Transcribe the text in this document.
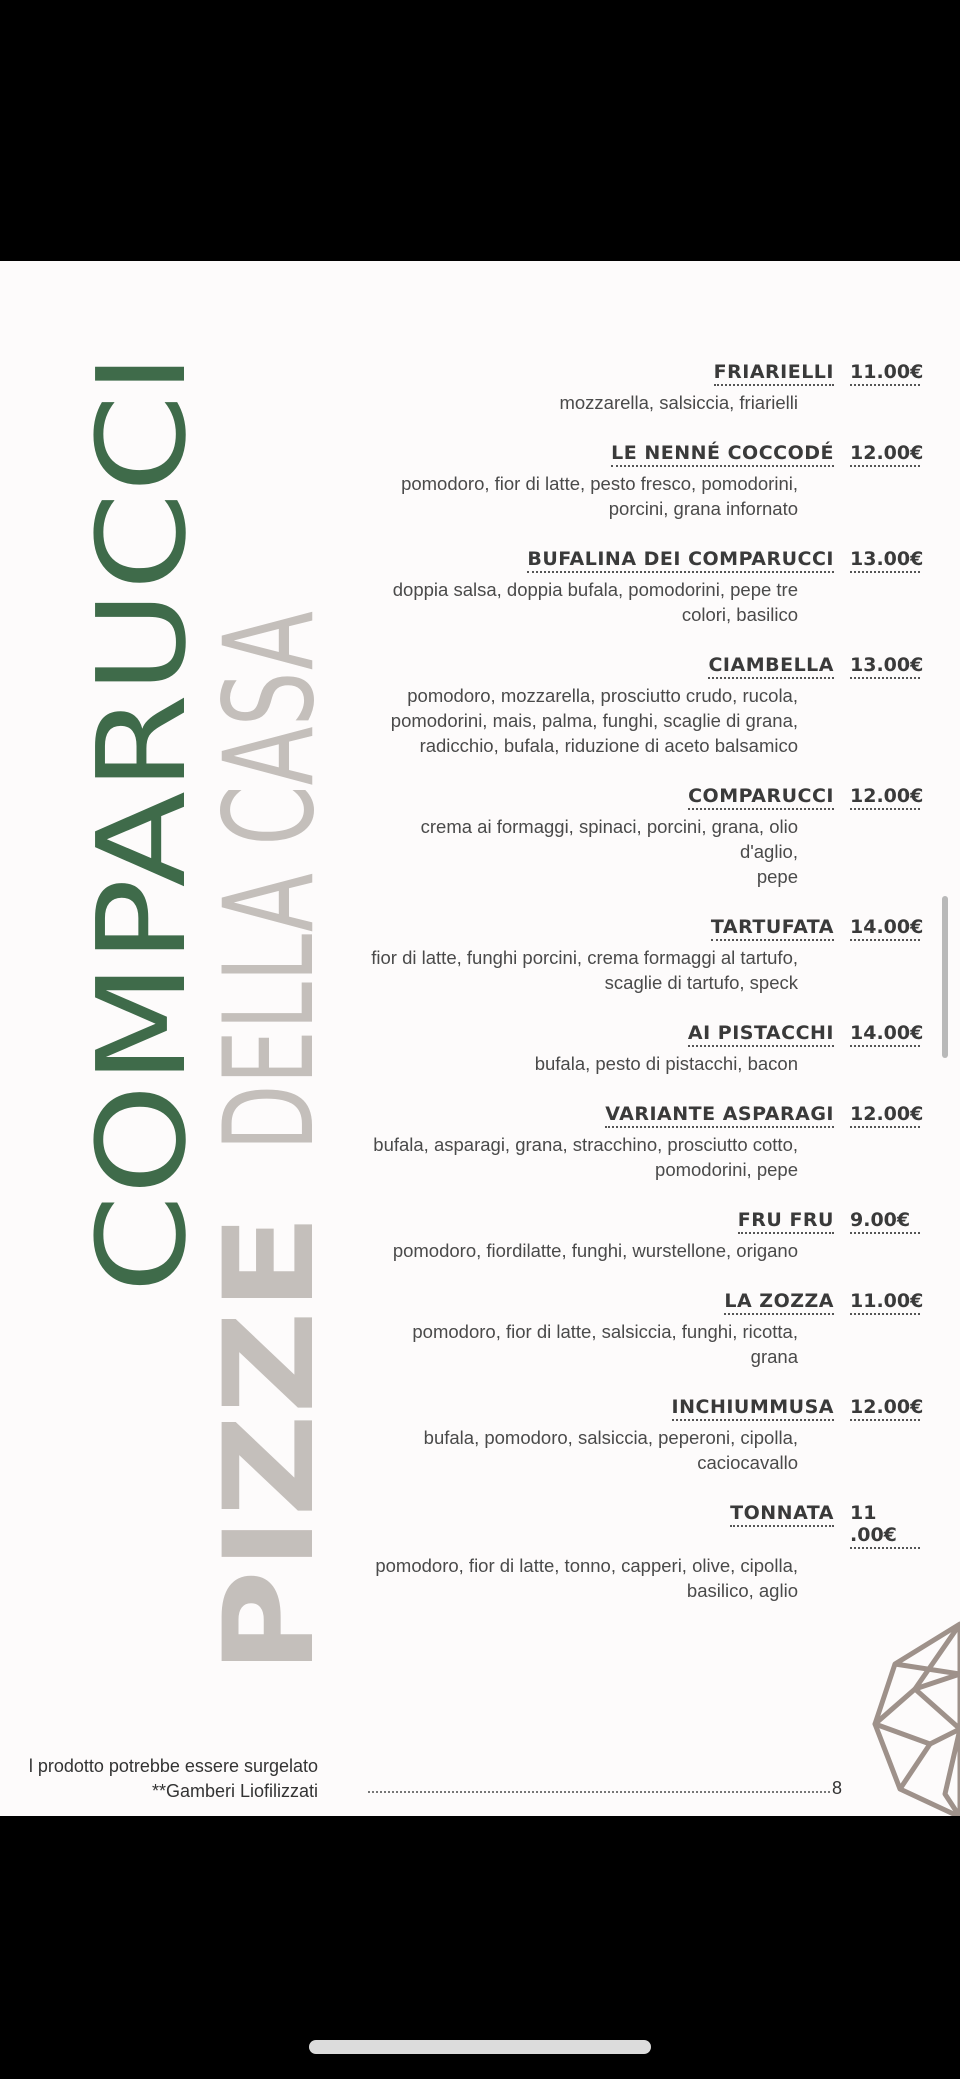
COMPARUCCI
PIZZE
DELLA CASA
FRIARIELLI 11.00€
mozzarella, salsiccia, friarielli
LE NENNÉ COCCODÉ 12.00€
pomodoro, fior di latte, pesto fresco, pomodorini,
porcini, grana infornato
BUFALINA DEI COMPARUCCI 13.00€
doppia salsa, doppia bufala, pomodorini, pepe tre
colori, basilico
CIAMBELLA 13.00€
pomodoro, mozzarella, prosciutto crudo, rucola,
pomodorini, mais, palma, funghi, scaglie di grana,
radicchio, bufala, riduzione di aceto balsamico
COMPARUCCI 12.00€
crema ai formaggi, spinaci, porcini, grana, olio d'aglio,
pepe
TARTUFATA 14.00€
fior di latte, funghi porcini, crema formaggi al tartufo,
scaglie di tartufo, speck
AI PISTACCHI 14.00€
bufala, pesto di pistacchi, bacon
VARIANTE ASPARAGI 12.00€
bufala, asparagi, grana, stracchino, prosciutto cotto,
pomodorini, pepe
FRU FRU 9.00€
pomodoro, fiordilatte, funghi, wurstellone, origano
LA ZOZZA 11.00€
pomodoro, fior di latte, salsiccia, funghi, ricotta, grana
INCHIUMMUSA 12.00€
bufala, pomodoro, salsiccia, peperoni, cipolla,
caciocavallo
TONNATA 11 .00€
pomodoro, fior di latte, tonno, capperi, olive, cipolla,
basilico, aglio
l prodotto potrebbe essere surgelato
**Gamberi Liofilizzati	8
